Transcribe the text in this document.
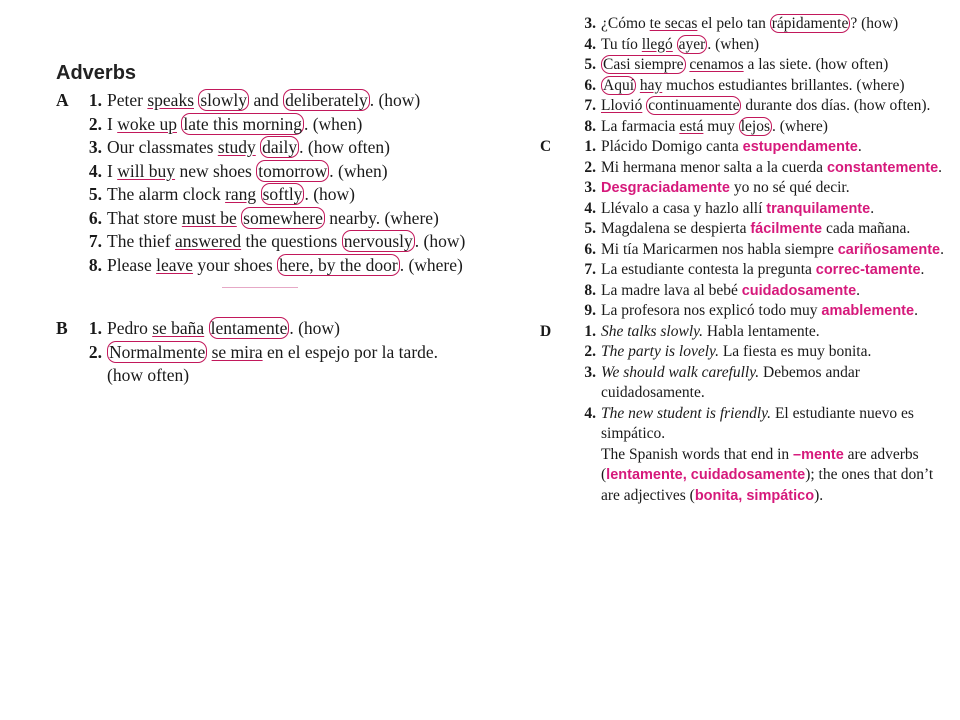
Adverbs
A	1. Peter speaks slowly and deliberately . (how)
2. I woke up late this morning . (when)
3. Our classmates study daily . (how often)
4. I will buy new shoes tomorrow . (when)
5. The alarm clock rang softly . (how)
6. That store must be somewhere nearby. (where)
7. The thief answered the questions nervously . (how)
8. Please leave your shoes here, by the door . (where)
B	1. Pedro se baña lentamente . (how)
2. Normalmente se mira en el espejo por la tarde. (how often)
3. ¿Cómo te secas el pelo tan rápidamente ? (how)
4. Tu tío llegó ayer . (when)
5. Casi siempre cenamos a las siete. (how often)
6. Aquí hay muchos estudiantes brillantes. (where)
7. Llovió continuamente durante dos días. (how often).
8. La farmacia está muy lejos . (where)
C	1. Plácido Domigo canta estupendamente.
2. Mi hermana menor salta a la cuerda constantemente.
3. Desgraciadamente yo no sé qué decir.
4. Llévalo a casa y hazlo allí tranquilamente.
5. Magdalena se despierta fácilmente cada mañana.
6. Mi tía Maricarmen nos habla siempre cariñosamente.
7. La estudiante contesta la pregunta correc-tamente.
8. La madre lava al bebé cuidadosamente.
9. La profesora nos explicó todo muy amablemente.
D	1. She talks slowly. Habla lentamente.
2. The party is lovely. La fiesta es muy bonita.
3. We should walk carefully. Debemos andar cuidadosamente.
4. The new student is friendly. El estudiante nuevo es simpático.
The Spanish words that end in –mente are adverbs (lentamente, cuidadosamente); the ones that don’t are adjectives (bonita, simpático).
